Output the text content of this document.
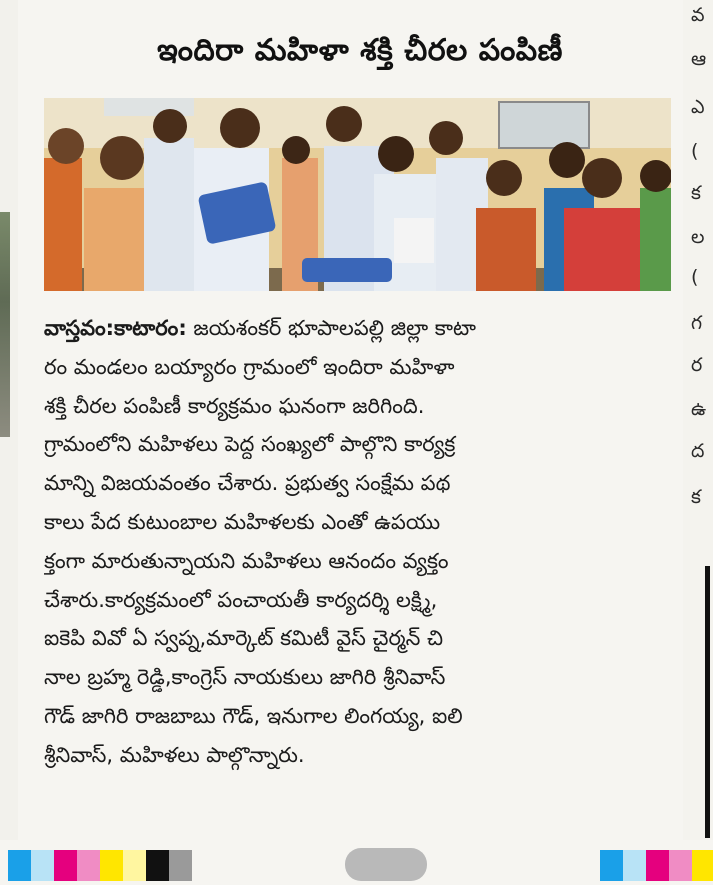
ఇందిరా మహిళా శక్తి చీరల పంపిణీ

వాస్తవం:కాటారం: జయశంకర్ భూపాలపల్లి జిల్లా కాటా
రం మండలం బయ్యారం గ్రామంలో ఇందిరా మహిళా
శక్తి చీరల పంపిణీ కార్యక్రమం ఘనంగా జరిగింది.
గ్రామంలోని మహిళలు పెద్ద సంఖ్యలో పాల్గొని కార్యక్ర
మాన్ని విజయవంతం చేశారు. ప్రభుత్వ సంక్షేమ పథ
కాలు పేద కుటుంబాల మహిళలకు ఎంతో ఉపయు
క్తంగా మారుతున్నాయని మహిళలు ఆనందం వ్యక్తం
చేశారు.కార్యక్రమంలో పంచాయతీ కార్యదర్శి లక్ష్మి,
ఐకెపి వివో ఏ స్వప్న,మార్కెట్ కమిటీ వైస్ చైర్మన్ చి
నాల బ్రహ్మ రెడ్డి,కాంగ్రెస్ నాయకులు జాగిరి శ్రీనివాస్
గౌడ్ జాగిరి రాజబాబు గౌడ్, ఇనుగాల లింగయ్య, ఐలి
శ్రీనివాస్, మహిళలు పాల్గొన్నారు.

వ
ఆ
ఎ
(
క
ల
(
గ
ర
ఉ
ద
క
